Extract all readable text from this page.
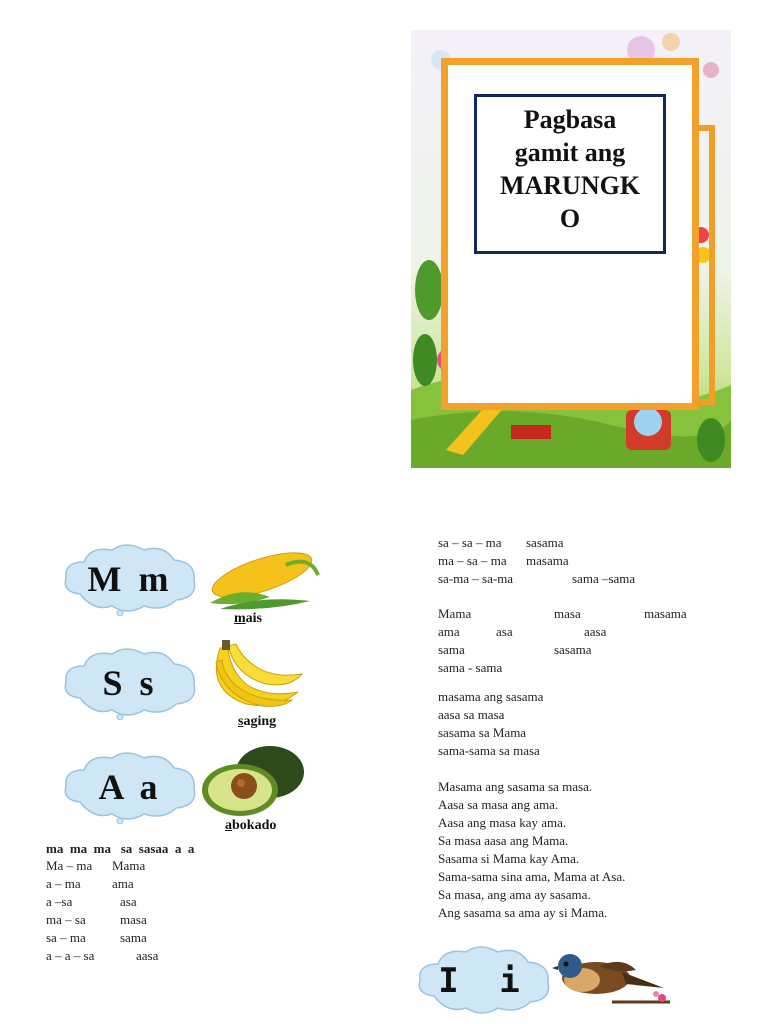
Pagbasa
gamit ang
MARUNGK
O
M m
mais
S s
saging
A a
abokado
ma  ma  ma   sa  sasaa  a  a
Ma – ma Mama
a – ma ama
a –sa	asa
ma – sa	masa
sa – ma	sama
a – a – sa	aasa
sa – sa – ma sasama
ma – sa – ma masama
sa-ma – sa-ma	sama –sama
Mama	masa	masama
ama	asa	aasa
sama	sasama
sama - sama
masama ang sasama
aasa sa masa
sasama sa Mama
sama-sama sa masa
Masama ang sasama sa masa.
Aasa sa masa ang ama.
Aasa ang masa kay ama.
Sa masa aasa ang Mama.
Sasama si Mama kay Ama.
Sama-sama sina ama, Mama at Asa.
Sa masa, ang ama ay sasama.
Ang sasama sa ama ay si Mama.
I i
